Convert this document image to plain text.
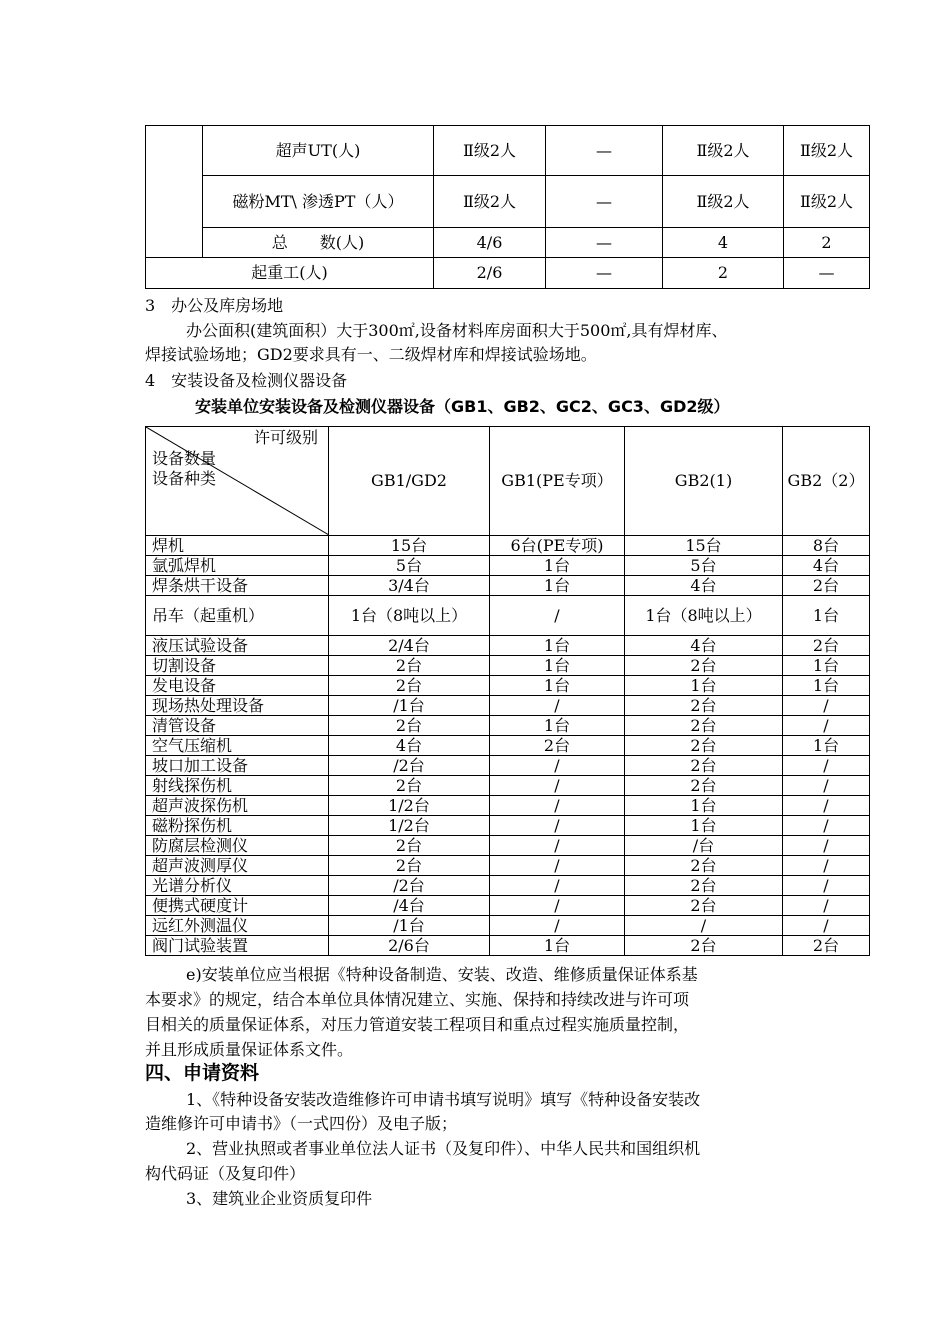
	超声UT(人)	Ⅱ级2人	—	Ⅱ级2人	Ⅱ级2人
	磁粉MT\ 渗透PT（人）	Ⅱ级2人	—	Ⅱ级2人	Ⅱ级2人
	总　　数(人)	4/6	—	4	2
起重工(人)		2/6	—	2	—
3　办公及库房场地
办公面积(建筑面积）大于300㎡,设备材料库房面积大于500㎡,具有焊材库、
焊接试验场地；GD2要求具有一、二级焊材库和焊接试验场地。
4　安装设备及检测仪器设备
安装单位安装设备及检测仪器设备（GB1、GB2、GC2、GC3、GD2级）
许可级别
设备数量
设备种类	GB1/GD2	GB1(PE专项）	GB2(1)	GB2（2）
焊机	15台	6台(PE专项)	15台	8台
氩弧焊机	5台	1台	5台	4台
焊条烘干设备	3/4台	1台	4台	2台
吊车（起重机）	1台（8吨以上）	/	1台（8吨以上）	1台
液压试验设备	2/4台	1台	4台	2台
切割设备	2台	1台	2台	1台
发电设备	2台	1台	1台	1台
现场热处理设备	/1台	/	2台	/
清管设备	2台	1台	2台	/
空气压缩机	4台	2台	2台	1台
坡口加工设备	/2台	/	2台	/
射线探伤机	2台	/	2台	/
超声波探伤机	1/2台	/	1台	/
磁粉探伤机	1/2台	/	1台	/
防腐层检测仪	2台	/	/台	/
超声波测厚仪	2台	/	2台	/
光谱分析仪	/2台	/	2台	/
便携式硬度计	/4台	/	2台	/
远红外测温仪	/1台	/	/	/
阀门试验装置	2/6台	1台	2台	2台
e)安装单位应当根据《特种设备制造、安装、改造、维修质量保证体系基
本要求》的规定，结合本单位具体情况建立、实施、保持和持续改进与许可项
目相关的质量保证体系，对压力管道安装工程项目和重点过程实施质量控制，
并且形成质量保证体系文件。
四、申请资料
1、《特种设备安装改造维修许可申请书填写说明》填写《特种设备安装改
造维修许可申请书》（一式四份）及电子版；
2、营业执照或者事业单位法人证书（及复印件）、中华人民共和国组织机
构代码证（及复印件）
3、建筑业企业资质复印件
